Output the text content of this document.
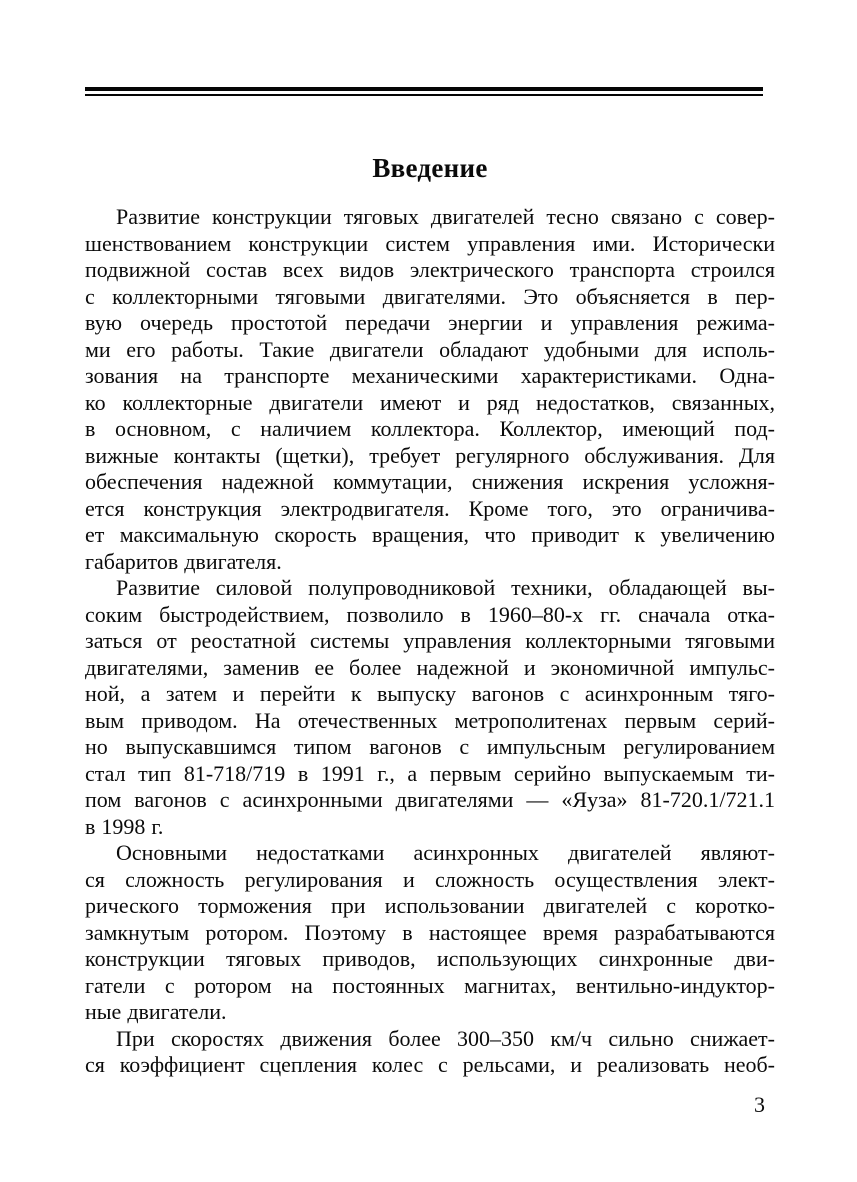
Введение
Развитие конструкции тяговых двигателей тесно связано с совер-
шенствованием конструкции систем управления ими. Исторически
подвижной состав всех видов электрического транспорта строился
с коллекторными тяговыми двигателями. Это объясняется в пер-
вую очередь простотой передачи энергии и управления режима-
ми его работы. Такие двигатели обладают удобными для исполь-
зования на транспорте механическими характеристиками. Одна-
ко коллекторные двигатели имеют и ряд недостатков, связанных,
в основном, с наличием коллектора. Коллектор, имеющий под-
вижные контакты (щетки), требует регулярного обслуживания. Для
обеспечения надежной коммутации, снижения искрения усложня-
ется конструкция электродвигателя. Кроме того, это ограничива-
ет максимальную скорость вращения, что приводит к увеличению
габаритов двигателя.
Развитие силовой полупроводниковой техники, обладающей вы-
соким быстродействием, позволило в 1960–80-х гг. сначала отка-
заться от реостатной системы управления коллекторными тяговыми
двигателями, заменив ее более надежной и экономичной импульс-
ной, а затем и перейти к выпуску вагонов с асинхронным тяго-
вым приводом. На отечественных метрополитенах первым серий-
но выпускавшимся типом вагонов с импульсным регулированием
стал тип 81-718/719 в 1991 г., а первым серийно выпускаемым ти-
пом вагонов с асинхронными двигателями — «Яуза» 81-720.1/721.1
в 1998 г.
Основными недостатками асинхронных двигателей являют-
ся сложность регулирования и сложность осуществления элект-
рического торможения при использовании двигателей с коротко-
замкнутым ротором. Поэтому в настоящее время разрабатываются
конструкции тяговых приводов, использующих синхронные дви-
гатели с ротором на постоянных магнитах, вентильно-индуктор-
ные двигатели.
При скоростях движения более 300–350 км/ч сильно снижает-
ся коэффициент сцепления колес с рельсами, и реализовать необ-
3
